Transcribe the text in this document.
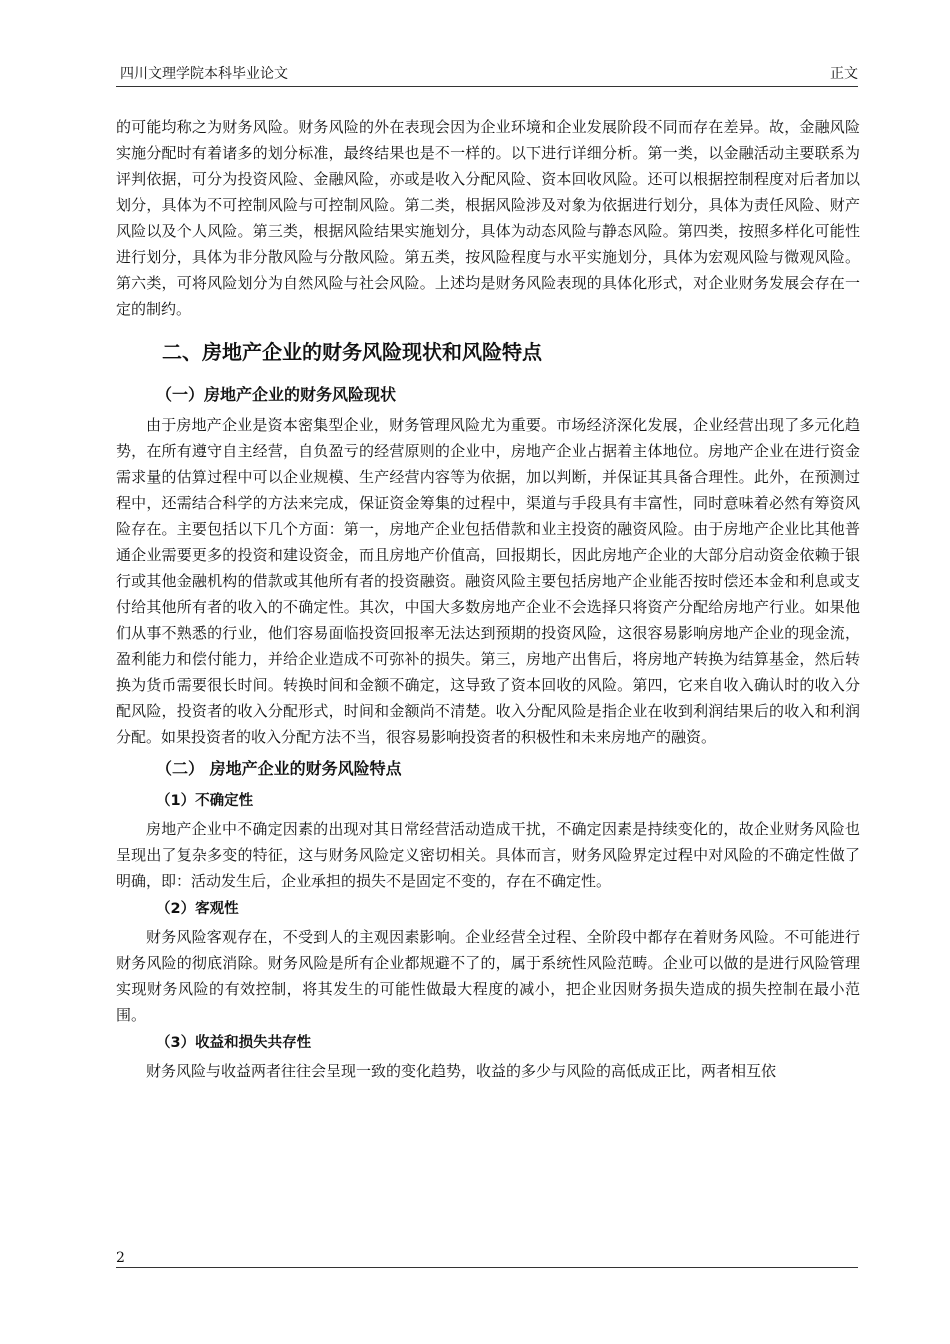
四川文理学院本科毕业论文	正文

的可能均称之为财务风险。财务风险的外在表现会因为企业环境和企业发展阶段不同而存在差异。故，金融风险实施分配时有着诸多的划分标准，最终结果也是不一样的。以下进行详细分析。第一类，以金融活动主要联系为评判依据，可分为投资风险、金融风险，亦或是收入分配风险、资本回收风险。还可以根据控制程度对后者加以划分，具体为不可控制风险与可控制风险。第二类，根据风险涉及对象为依据进行划分，具体为责任风险、财产风险以及个人风险。第三类，根据风险结果实施划分，具体为动态风险与静态风险。第四类，按照多样化可能性进行划分，具体为非分散风险与分散风险。第五类，按风险程度与水平实施划分，具体为宏观风险与微观风险。第六类，可将风险划分为自然风险与社会风险。上述均是财务风险表现的具体化形式，对企业财务发展会存在一定的制约。

二、房地产企业的财务风险现状和风险特点
（一）房地产企业的财务风险现状

由于房地产企业是资本密集型企业，财务管理风险尤为重要。市场经济深化发展，企业经营出现了多元化趋势，在所有遵守自主经营，自负盈亏的经营原则的企业中，房地产企业占据着主体地位。房地产企业在进行资金需求量的估算过程中可以企业规模、生产经营内容等为依据，加以判断，并保证其具备合理性。此外，在预测过程中，还需结合科学的方法来完成，保证资金筹集的过程中，渠道与手段具有丰富性，同时意味着必然有筹资风险存在。主要包括以下几个方面：第一，房地产企业包括借款和业主投资的融资风险。由于房地产企业比其他普通企业需要更多的投资和建设资金，而且房地产价值高，回报期长，因此房地产企业的大部分启动资金依赖于银行或其他金融机构的借款或其他所有者的投资融资。融资风险主要包括房地产企业能否按时偿还本金和利息或支付给其他所有者的收入的不确定性。其次，中国大多数房地产企业不会选择只将资产分配给房地产行业。如果他们从事不熟悉的行业，他们容易面临投资回报率无法达到预期的投资风险，这很容易影响房地产企业的现金流，盈利能力和偿付能力，并给企业造成不可弥补的损失。第三，房地产出售后，将房地产转换为结算基金，然后转换为货币需要很长时间。转换时间和金额不确定，这导致了资本回收的风险。第四，它来自收入确认时的收入分配风险，投资者的收入分配形式，时间和金额尚不清楚。收入分配风险是指企业在收到利润结果后的收入和利润分配。如果投资者的收入分配方法不当，很容易影响投资者的积极性和未来房地产的融资。

（二） 房地产企业的财务风险特点
（1）不确定性

房地产企业中不确定因素的出现对其日常经营活动造成干扰，不确定因素是持续变化的，故企业财务风险也呈现出了复杂多变的特征，这与财务风险定义密切相关。具体而言，财务风险界定过程中对风险的不确定性做了明确，即：活动发生后，企业承担的损失不是固定不变的，存在不确定性。

（2）客观性

财务风险客观存在，不受到人的主观因素影响。企业经营全过程、全阶段中都存在着财务风险。不可能进行财务风险的彻底消除。财务风险是所有企业都规避不了的，属于系统性风险范畴。企业可以做的是进行风险管理实现财务风险的有效控制，将其发生的可能性做最大程度的减小，把企业因财务损失造成的损失控制在最小范围。

（3）收益和损失共存性

财务风险与收益两者往往会呈现一致的变化趋势，收益的多少与风险的高低成正比，两者相互依

2
